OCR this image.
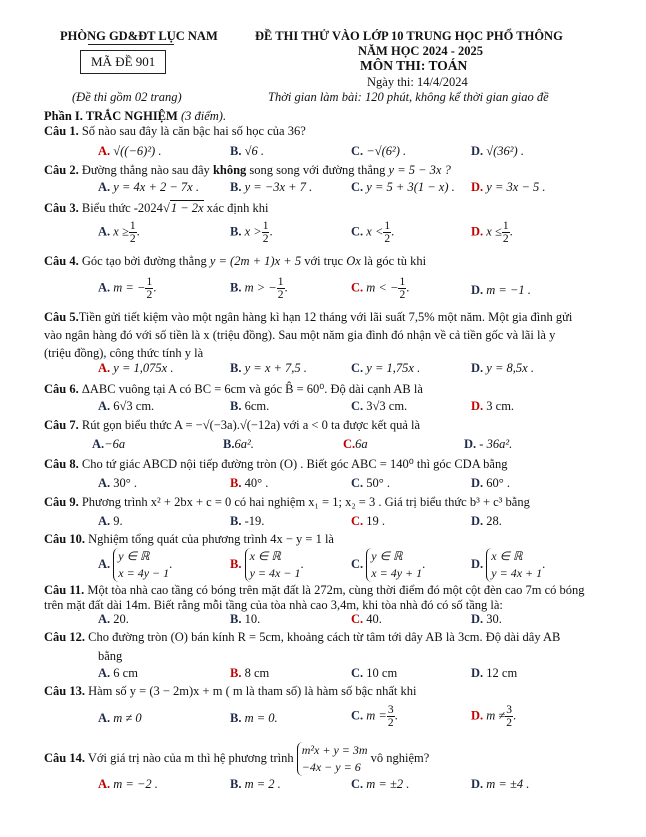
PHÒNG GD&ĐT LỤC NAM
MÃ ĐỀ 901
(Đề thi gồm 02 trang)
ĐỀ THI THỬ VÀO LỚP 10 TRUNG HỌC PHỔ THÔNG
NĂM HỌC 2024 - 2025
MÔN THI: TOÁN
Ngày thi: 14/4/2024
Thời gian làm bài: 120 phút, không kể thời gian giao đề
Phần I. TRẮC NGHIỆM (3 điểm).
Câu 1. Số nào sau đây là căn bậc hai số học của 36?
A. √((−6)²) .	B. √6 .	C. −√(6²) .	D. √(36²) .
Câu 2. Đường thẳng nào sau đây không song song với đường thẳng y = 5 − 3x ?
A. y = 4x + 2 − 7x . B. y = −3x + 7 .	C. y = 5 + 3(1 − x) . D. y = 3x − 5 .
Câu 3. Biểu thức -2024√1 − 2x xác định khi
A. $x \ge \frac{1}{2}$ .	B. $x > \frac{1}{2}$ .	C. $x < \frac{1}{2}$ .	D. $x \le \frac{1}{2}$ .
Câu 4. Góc tạo bởi đường thẳng y = (2m + 1)x + 5 với trục Ox là góc tù khi
A. m = − $\frac{1}{2}$ .	B. m > − $\frac{1}{2}$ .	C. m < − $\frac{1}{2}$ .	D. m = −1 .
Câu 5.Tiền gửi tiết kiệm vào một ngân hàng kì hạn 12 tháng với lãi suất 7,5% một năm. Một gia đình gửi
vào ngân hàng đó với số tiền là x (triệu đồng). Sau một năm gia đình đó nhận về cả tiền gốc và lãi là y
(triệu đồng), công thức tính y là
A. y = 1,075x .	B. y = x + 7,5 .	C. y = 1,75x .	D. y = 8,5x .
Câu 6. ΔABC vuông tại A có BC = 6cm và góc B̂ = 60⁰. Độ dài cạnh AB là
A. 6√3 cm.	B. 6cm.	C. 3√3 cm.	D. 3 cm.
Câu 7. Rút gọn biểu thức A = −√(−3a).√(−12a) với a < 0 ta được kết quả là
A.−6a	B.6a².	C.6a	D. - 36a².
Câu 8. Cho tứ giác ABCD nội tiếp đường tròn (O) . Biết góc ABC = 140⁰ thì góc CDA bằng
A. 30° .	B. 40° .	C. 50° .	D. 60° .
Câu 9. Phương trình x² + 2bx + c = 0 có hai nghiệm x₁ = 1; x₂ = 3 . Giá trị biểu thức b³ + c³ bằng
A. 9.	B. -19.	C. 19 .	D. 28.
Câu 10. Nghiệm tổng quát của phương trình 4x − y = 1 là
A. y ∈ ℝ
x = 4y − 1.	B. x ∈ ℝ
y = 4x − 1.	C. y ∈ ℝ
x = 4y + 1.	D. x ∈ ℝ
y = 4x + 1.
Câu 11. Một tòa nhà cao tầng có bóng trên mặt đất là 272m, cùng thời điểm đó một cột đèn cao 7m có bóng
trên mặt đất dài 14m. Biết rằng mỗi tầng của tòa nhà cao 3,4m, khi tòa nhà đó có số tầng là:
A. 20.	B. 10.	C. 40.	D. 30.
Câu 12. Cho đường tròn (O) bán kính R = 5cm, khoảng cách từ tâm tới dây AB là 3cm. Độ dài dây AB
bằng
A. 6 cm	B. 8 cm	C. 10 cm	D. 12 cm
Câu 13. Hàm số y = (3 − 2m)x + m ( m là tham số) là hàm số bậc nhất khi
A. m ≠ 0	B. m = 0.	C. $m = \frac{3}{2}$ .	D. $m \ne \frac{3}{2}$ .
Câu 14. Với giá trị nào của m thì hệ phương trình m²x + y = 3m
−4x − y = 6 vô nghiệm?
A. m = −2 .	B. m = 2 .	C. m = ±2 .	D. m = ±4 .
